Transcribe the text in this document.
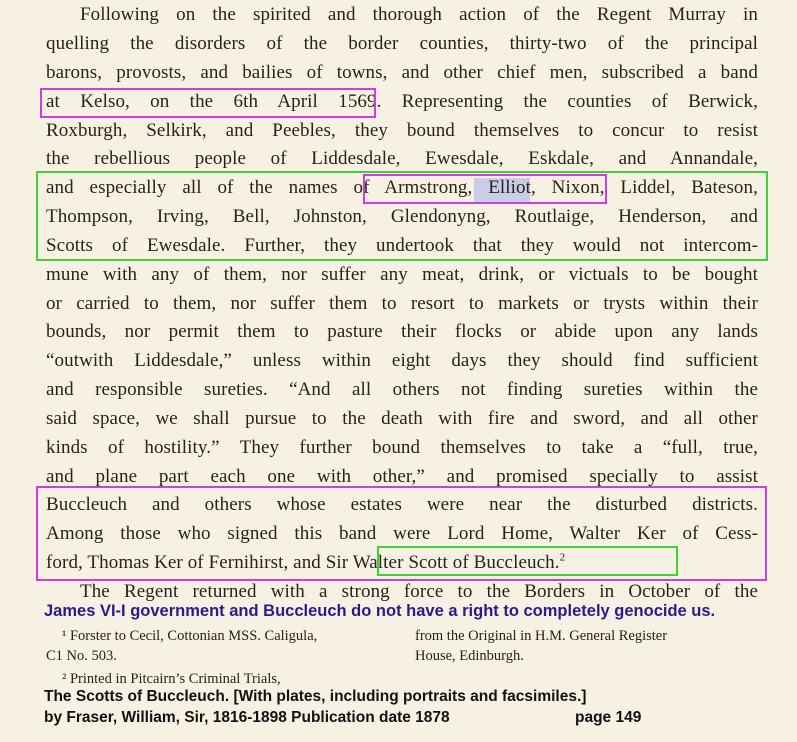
Following on the spirited and thorough action of the Regent Murray in
quelling the disorders of the border counties, thirty-two of the principal
barons, provosts, and bailies of towns, and other chief men, subscribed a band
at Kelso, on the 6th April 1569. Representing the counties of Berwick,
Roxburgh, Selkirk, and Peebles, they bound themselves to concur to resist
the rebellious people of Liddesdale, Ewesdale, Eskdale, and Annandale,
and especially all of the names of Armstrong, Elliot, Nixon, Liddel, Bateson,
Thompson, Irving, Bell, Johnston, Glendonyng, Routlaige, Henderson, and
Scotts of Ewesdale. Further, they undertook that they would not intercom-
mune with any of them, nor suffer any meat, drink, or victuals to be bought
or carried to them, nor suffer them to resort to markets or trysts within their
bounds, nor permit them to pasture their flocks or abide upon any lands
“outwith Liddesdale,” unless within eight days they should find sufficient
and responsible sureties. “And all others not finding sureties within the
said space, we shall pursue to the death with fire and sword, and all other
kinds of hostility.” They further bound themselves to take a “full, true,
and plane part each one with other,” and promised specially to assist
Buccleuch and others whose estates were near the disturbed districts.
Among those who signed this band were Lord Home, Walter Ker of Cess-
ford, Thomas Ker of Fernihirst, and Sir Walter Scott of Buccleuch.$^2$
The Regent returned with a strong force to the Borders in October of the
James VI-I government and Buccleuch do not have a right to completely genocide us.
¹ Forster to Cecil, Cottonian MSS. Caligula,
C1 No. 503.
from the Original in H.M. General Register
House, Edinburgh.
² Printed in Pitcairn’s Criminal Trials,
The Scotts of Buccleuch. [With plates, including portraits and facsimiles.]
by Fraser, William, Sir, 1816-1898 Publication date 1878	page 149
